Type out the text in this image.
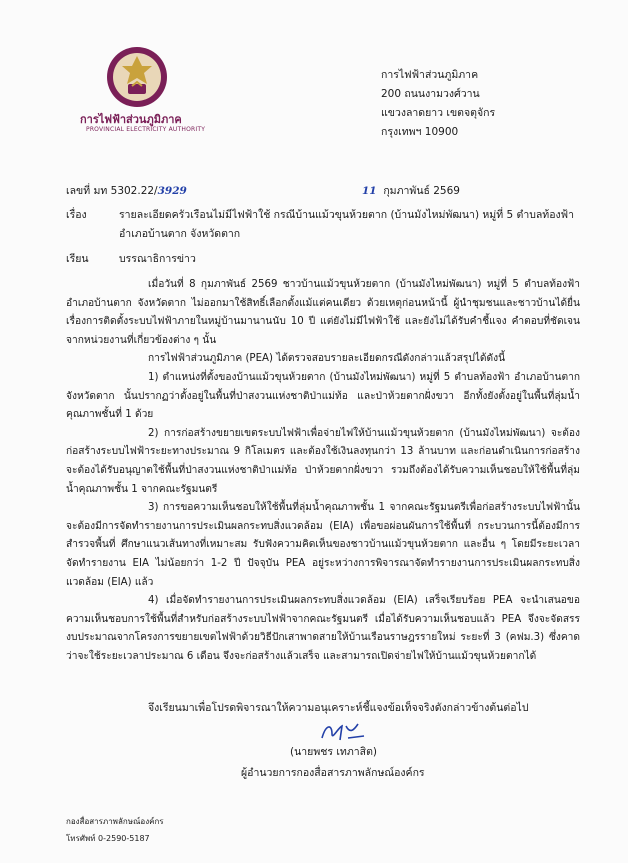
การไฟฟ้าส่วนภูมิภาค
PROVINCIAL ELECTRICITY AUTHORITY
การไฟฟ้าส่วนภูมิภาค
200 ถนนงามวงศ์วาน
แขวงลาดยาว เขตจตุจักร
กรุงเทพฯ 10900
เลขที่ มท 5302.22/3929	11 กุมภาพันธ์ 2569
เรื่อง	รายละเอียดครัวเรือนไม่มีไฟฟ้าใช้ กรณีบ้านแม้วขุนห้วยตาก (บ้านมังไหม่พัฒนา) หมู่ที่ 5 ตำบลท้องฟ้า อำเภอบ้านตาก จังหวัดตาก
เรียน	บรรณาธิการข่าว

เมื่อวันที่ 8 กุมภาพันธ์ 2569 ชาวบ้านแม้วขุนห้วยตาก (บ้านมังไหม่พัฒนา) หมู่ที่ 5 ตำบลท้องฟ้า อำเภอบ้านตาก จังหวัดตาก ไม่ออกมาใช้สิทธิ์เลือกตั้งแม้แต่คนเดียว ด้วยเหตุก่อนหน้านี้ ผู้นำชุมชนและชาวบ้านได้ยื่นเรื่องการติดตั้งระบบไฟฟ้าภายในหมู่บ้านมานานนับ 10 ปี แต่ยังไม่มีไฟฟ้าใช้ และยังไม่ได้รับคำชี้แจง คำตอบที่ชัดเจนจากหน่วยงานที่เกี่ยวข้องต่าง ๆ นั้น

การไฟฟ้าส่วนภูมิภาค (PEA) ได้ตรวจสอบรายละเอียดกรณีดังกล่าวแล้วสรุปได้ดังนี้

1) ตำแหน่งที่ตั้งของบ้านแม้วขุนห้วยตาก (บ้านมังไหม่พัฒนา) หมู่ที่ 5 ตำบลท้องฟ้า อำเภอบ้านตาก จังหวัดตาก นั้นปรากฏว่าตั้งอยู่ในพื้นที่ป่าสงวนแห่งชาติป่าแม่ท้อ และป่าห้วยตากฝั่งขวา อีกทั้งยังตั้งอยู่ในพื้นที่ลุ่มน้ำคุณภาพชั้นที่ 1 ด้วย

2) การก่อสร้างขยายเขตระบบไฟฟ้าเพื่อจ่ายไฟให้บ้านแม้วขุนห้วยตาก (บ้านมังไหม่พัฒนา) จะต้องก่อสร้างระบบไฟฟ้าระยะทางประมาณ 9 กิโลเมตร และต้องใช้เงินลงทุนกว่า 13 ล้านบาท และก่อนดำเนินการก่อสร้างจะต้องได้รับอนุญาตใช้พื้นที่ป่าสงวนแห่งชาติป่าแม่ท้อ ป่าห้วยตากฝั่งขวา รวมถึงต้องได้รับความเห็นชอบให้ใช้พื้นที่ลุ่มน้ำคุณภาพชั้น 1 จากคณะรัฐมนตรี

3) การขอความเห็นชอบให้ใช้พื้นที่ลุ่มน้ำคุณภาพชั้น 1 จากคณะรัฐมนตรีเพื่อก่อสร้างระบบไฟฟ้านั้น จะต้องมีการจัดทำรายงานการประเมินผลกระทบสิ่งแวดล้อม (EIA) เพื่อขอผ่อนผันการใช้พื้นที่ กระบวนการนี้ต้องมีการสำรวจพื้นที่ ศึกษาแนวเส้นทางที่เหมาะสม รับฟังความคิดเห็นของชาวบ้านแม้วขุนห้วยตาก และอื่น ๆ โดยมีระยะเวลาจัดทำรายงาน EIA ไม่น้อยกว่า 1-2 ปี ปัจจุบัน PEA อยู่ระหว่างการพิจารณาจัดทำรายงานการประเมินผลกระทบสิ่งแวดล้อม (EIA) แล้ว

4) เมื่อจัดทำรายงานการประเมินผลกระทบสิ่งแวดล้อม (EIA) เสร็จเรียบร้อย PEA จะนำเสนอขอความเห็นชอบการใช้พื้นที่สำหรับก่อสร้างระบบไฟฟ้าจากคณะรัฐมนตรี เมื่อได้รับความเห็นชอบแล้ว PEA จึงจะจัดสรรงบประมาณจากโครงการขยายเขตไฟฟ้าด้วยวิธีปักเสาพาดสายให้บ้านเรือนราษฎรรายใหม่ ระยะที่ 3 (คฟม.3) ซึ่งคาดว่าจะใช้ระยะเวลาประมาณ 6 เดือน จึงจะก่อสร้างแล้วเสร็จ และสามารถเปิดจ่ายไฟให้บ้านแม้วขุนห้วยตากได้

จึงเรียนมาเพื่อโปรดพิจารณาให้ความอนุเคราะห์ชี้แจงข้อเท็จจริงดังกล่าวข้างต้นต่อไป
(นายพชร เทภาสิต)
ผู้อำนวยการกองสื่อสารภาพลักษณ์องค์กร
กองสื่อสารภาพลักษณ์องค์กร
โทรศัพท์ 0-2590-5187
